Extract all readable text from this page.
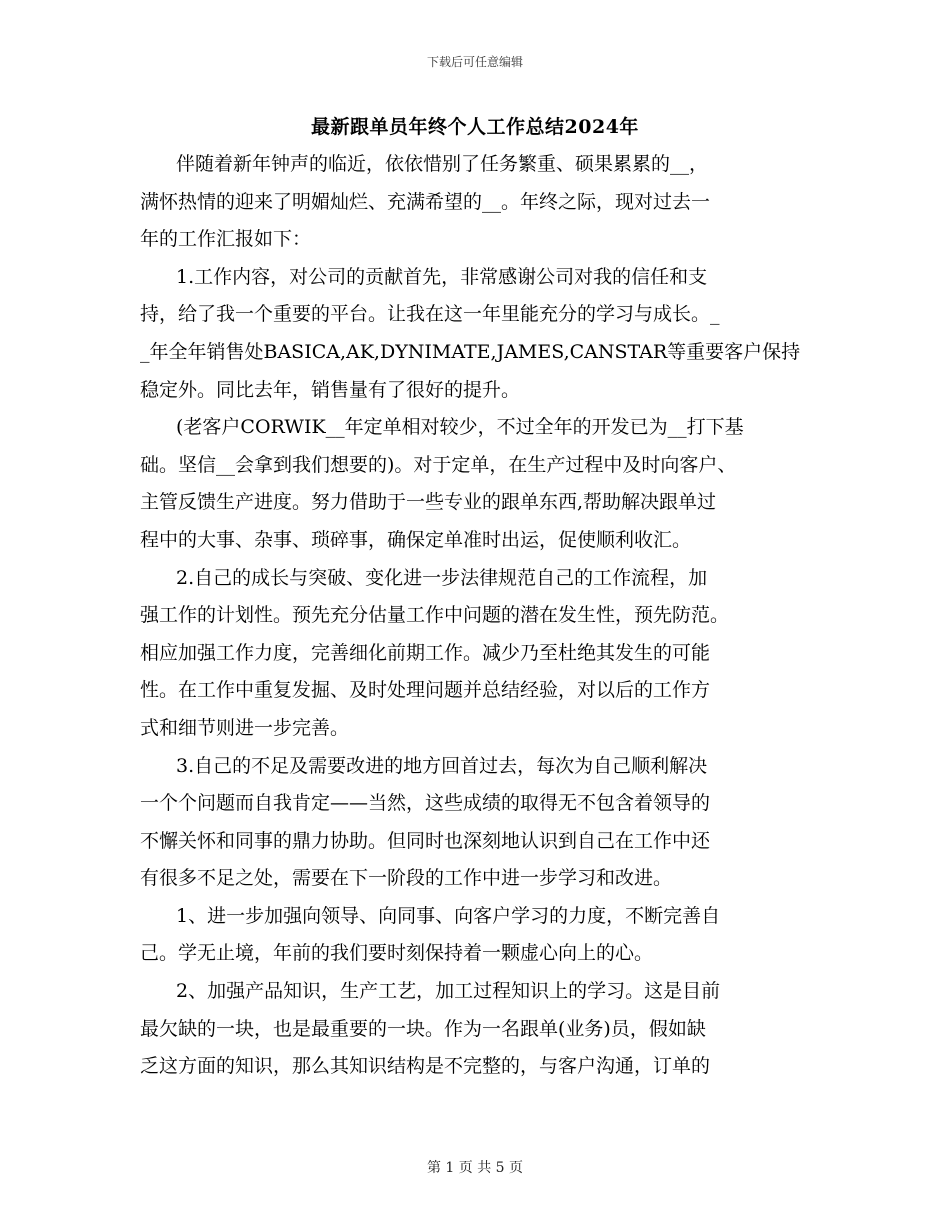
下载后可任意编辑
最新跟单员年终个人工作总结2024年
伴随着新年钟声的临近，依依惜别了任务繁重、硕果累累的__，
满怀热情的迎来了明媚灿烂、充满希望的__。年终之际，现对过去一
年的工作汇报如下：
1.工作内容，对公司的贡献首先，非常感谢公司对我的信任和支
持，给了我一个重要的平台。让我在这一年里能充分的学习与成长。_
_年全年销售处BASICA,AK,DYNIMATE,JAMES,CANSTAR等重要客户保持
稳定外。同比去年，销售量有了很好的提升。
(老客户CORWIK__年定单相对较少，不过全年的开发已为__打下基
础。坚信__会拿到我们想要的)。对于定单，在生产过程中及时向客户、
主管反馈生产进度。努力借助于一些专业的跟单东西,帮助解决跟单过
程中的大事、杂事、琐碎事，确保定单准时出运，促使顺利收汇。
2.自己的成长与突破、变化进一步法律规范自己的工作流程，加
强工作的计划性。预先充分估量工作中问题的潜在发生性，预先防范。
相应加强工作力度，完善细化前期工作。减少乃至杜绝其发生的可能
性。在工作中重复发掘、及时处理问题并总结经验，对以后的工作方
式和细节则进一步完善。
3.自己的不足及需要改进的地方回首过去，每次为自己顺利解决
一个个问题而自我肯定——当然，这些成绩的取得无不包含着领导的
不懈关怀和同事的鼎力协助。但同时也深刻地认识到自己在工作中还
有很多不足之处，需要在下一阶段的工作中进一步学习和改进。
1、进一步加强向领导、向同事、向客户学习的力度，不断完善自
己。学无止境，年前的我们要时刻保持着一颗虚心向上的心。
2、加强产品知识，生产工艺，加工过程知识上的学习。这是目前
最欠缺的一块，也是最重要的一块。作为一名跟单(业务)员，假如缺
乏这方面的知识，那么其知识结构是不完整的，与客户沟通，订单的
第 1 页 共 5 页
